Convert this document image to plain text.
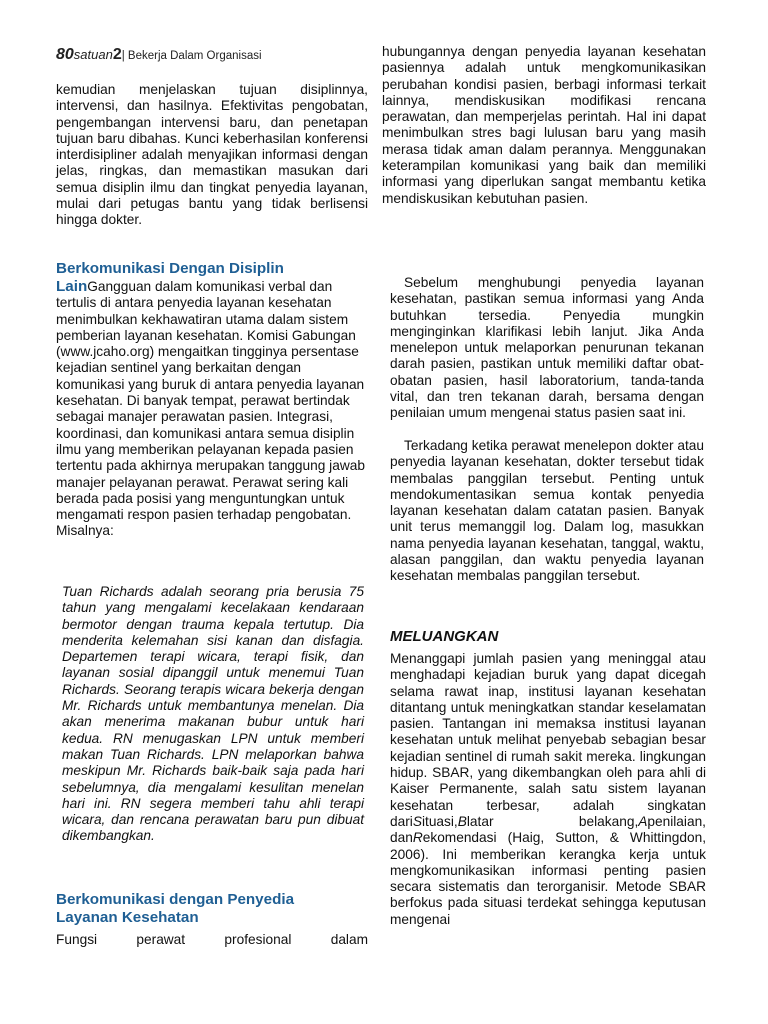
80satuan2| Bekerja Dalam Organisasi

kemudian menjelaskan tujuan disiplinnya, intervensi, dan hasilnya. Efektivitas pengobatan, pengembangan intervensi baru, dan penetapan tujuan baru dibahas. Kunci keberhasilan konferensi interdisipliner adalah menyajikan informasi dengan jelas, ringkas, dan memastikan masukan dari semua disiplin ilmu dan tingkat penyedia layanan, mulai dari petugas bantu yang tidak berlisensi hingga dokter.

Berkomunikasi Dengan Disiplin

LainGangguan dalam komunikasi verbal dan tertulis di antara penyedia layanan kesehatan menimbulkan kekhawatiran utama dalam sistem pemberian layanan kesehatan. Komisi Gabungan (www.jcaho.org) mengaitkan tingginya persentase kejadian sentinel yang berkaitan dengan komunikasi yang buruk di antara penyedia layanan kesehatan. Di banyak tempat, perawat bertindak sebagai manajer perawatan pasien. Integrasi, koordinasi, dan komunikasi antara semua disiplin ilmu yang memberikan pelayanan kepada pasien tertentu pada akhirnya merupakan tanggung jawab manajer pelayanan perawat. Perawat sering kali berada pada posisi yang menguntungkan untuk mengamati respon pasien terhadap pengobatan. Misalnya:

Tuan Richards adalah seorang pria berusia 75 tahun yang mengalami kecelakaan kendaraan bermotor dengan trauma kepala tertutup. Dia menderita kelemahan sisi kanan dan disfagia. Departemen terapi wicara, terapi fisik, dan layanan sosial dipanggil untuk menemui Tuan Richards. Seorang terapis wicara bekerja dengan Mr. Richards untuk membantunya menelan. Dia akan menerima makanan bubur untuk hari kedua. RN menugaskan LPN untuk memberi makan Tuan Richards. LPN melaporkan bahwa meskipun Mr. Richards baik-baik saja pada hari sebelumnya, dia mengalami kesulitan menelan hari ini. RN segera memberi tahu ahli terapi wicara, dan rencana perawatan baru pun dibuat dikembangkan.

Berkomunikasi dengan Penyedia Layanan Kesehatan

Fungsi perawat profesional dalam

hubungannya dengan penyedia layanan kesehatan pasiennya adalah untuk mengkomunikasikan perubahan kondisi pasien, berbagi informasi terkait lainnya, mendiskusikan modifikasi rencana perawatan, dan memperjelas perintah. Hal ini dapat menimbulkan stres bagi lulusan baru yang masih merasa tidak aman dalam perannya. Menggunakan keterampilan komunikasi yang baik dan memiliki informasi yang diperlukan sangat membantu ketika mendiskusikan kebutuhan pasien.

Sebelum menghubungi penyedia layanan kesehatan, pastikan semua informasi yang Anda butuhkan tersedia. Penyedia mungkin menginginkan klarifikasi lebih lanjut. Jika Anda menelepon untuk melaporkan penurunan tekanan darah pasien, pastikan untuk memiliki daftar obat-obatan pasien, hasil laboratorium, tanda-tanda vital, dan tren tekanan darah, bersama dengan penilaian umum mengenai status pasien saat ini.

Terkadang ketika perawat menelepon dokter atau penyedia layanan kesehatan, dokter tersebut tidak membalas panggilan tersebut. Penting untuk mendokumentasikan semua kontak penyedia layanan kesehatan dalam catatan pasien. Banyak unit terus memanggil log. Dalam log, masukkan nama penyedia layanan kesehatan, tanggal, waktu, alasan panggilan, dan waktu penyedia layanan kesehatan membalas panggilan tersebut.

MELUANGKAN

Menanggapi jumlah pasien yang meninggal atau menghadapi kejadian buruk yang dapat dicegah selama rawat inap, institusi layanan kesehatan ditantang untuk meningkatkan standar keselamatan pasien. Tantangan ini memaksa institusi layanan kesehatan untuk melihat penyebab sebagian besar kejadian sentinel di rumah sakit mereka. lingkungan hidup. SBAR, yang dikembangkan oleh para ahli di Kaiser Permanente, salah satu sistem layanan kesehatan terbesar, adalah singkatan dariSituasi,Blatar belakang,Apenilaian, danRekomendasi (Haig, Sutton, & Whittingdon, 2006). Ini memberikan kerangka kerja untuk mengkomunikasikan informasi penting pasien secara sistematis dan terorganisir. Metode SBAR berfokus pada situasi terdekat sehingga keputusan mengenai
